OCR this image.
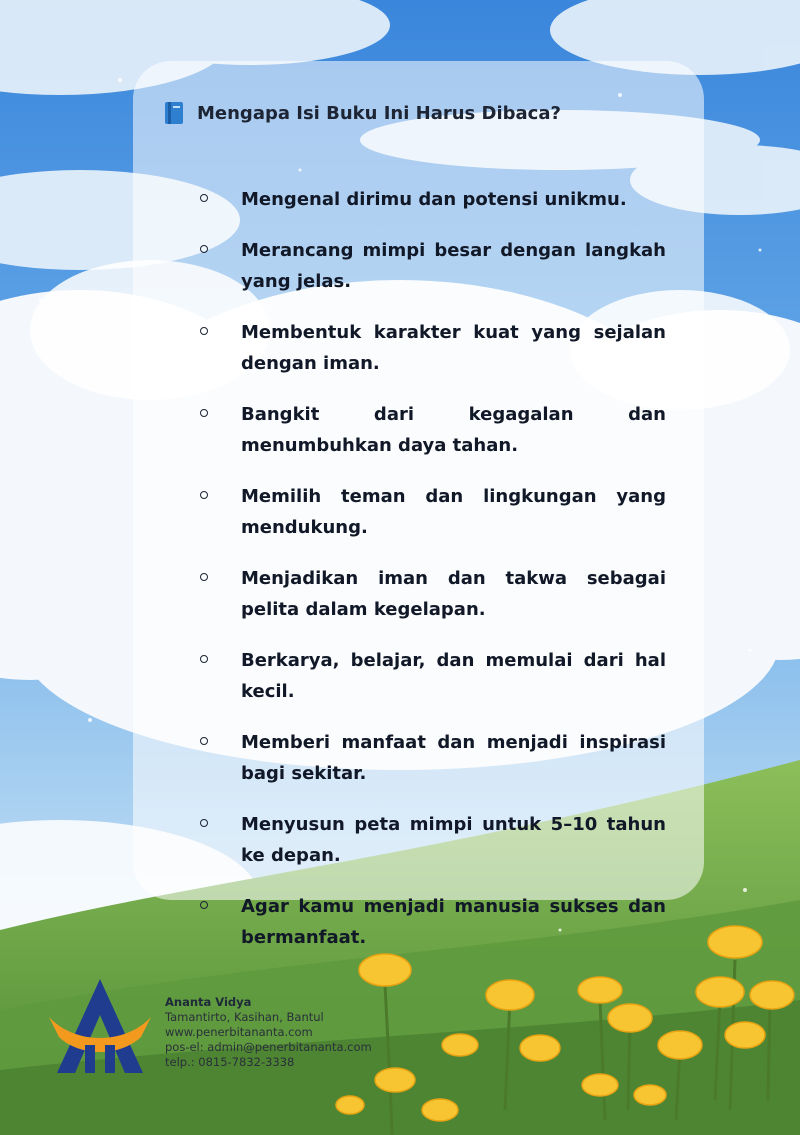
Mengapa Isi Buku Ini Harus Dibaca?
Mengenal dirimu dan potensi unikmu.
Merancang mimpi besar dengan langkah yang jelas.
Membentuk karakter kuat yang sejalan dengan iman.
Bangkit dari kegagalan dan menumbuhkan daya tahan.
Memilih teman dan lingkungan yang mendukung.
Menjadikan iman dan takwa sebagai pelita dalam kegelapan.
Berkarya, belajar, dan memulai dari hal kecil.
Memberi manfaat dan menjadi inspirasi bagi sekitar.
Menyusun peta mimpi untuk 5–10 tahun ke depan.
Agar kamu menjadi manusia sukses dan bermanfaat.
Ananta Vidya
Tamantirto, Kasihan, Bantul
www.penerbitananta.com
pos-el: admin@penerbitananta.com
telp.: 0815-7832-3338
